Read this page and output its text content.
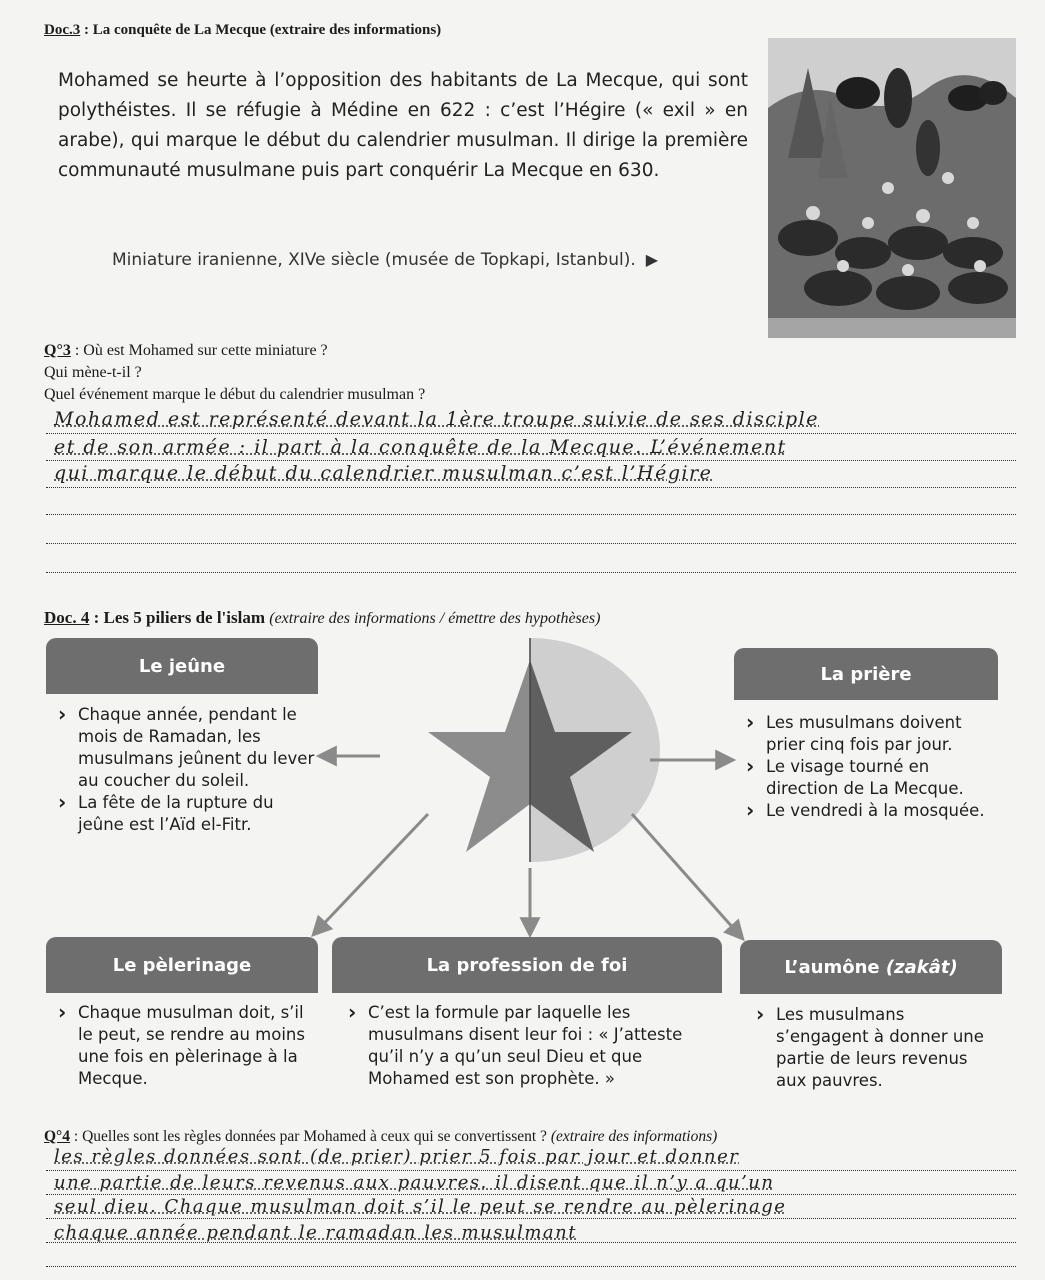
Doc.3 : La conquête de La Mecque (extraire des informations)
Mohamed se heurte à l’opposition des habitants de La Mecque, qui sont polythéistes. Il se réfugie à Médine en 622 : c’est l’Hégire (« exil » en arabe), qui marque le début du calendrier musulman. Il dirige la première communauté musulmane puis part conquérir La Mecque en 630.
Miniature iranienne, XIVe siècle (musée de Topkapi, Istanbul). ▶
Q°3 : Où est Mohamed sur cette miniature ?
Qui mène-t-il ?
Quel événement marque le début du calendrier musulman ?
Mohamed est représenté devant la 1ère troupe suivie de ses disciple
et de son armée : il part à la conquête de la Mecque. L’événement
qui marque le début du calendrier musulman c’est l’Hégire
Doc. 4 : Les 5 piliers de l'islam (extraire des informations / émettre des hypothèses)
Le jeûne
› Chaque année, pendant le mois de Ramadan, les musulmans jeûnent du lever au coucher du soleil.
› La fête de la rupture du jeûne est l’Aïd el-Fitr.
La prière
› Les musulmans doivent prier cinq fois par jour.
› Le visage tourné en direction de La Mecque.
› Le vendredi à la mosquée.
Le pèlerinage
› Chaque musulman doit, s’il le peut, se rendre au moins une fois en pèlerinage à la Mecque.
La profession de foi
› C’est la formule par laquelle les musulmans disent leur foi : « J’atteste qu’il n’y a qu’un seul Dieu et que Mohamed est son prophète. »
L’aumône
(zakât)
› Les musulmans s’engagent à donner une partie de leurs revenus aux pauvres.
Q°4 : Quelles sont les règles données par Mohamed à ceux qui se convertissent ? (extraire des informations)
les règles données sont (de prier) prier 5 fois par jour et donner
une partie de leurs revenus aux pauvres. il disent que il n’y a qu’un
seul dieu. Chaque musulman doit s’il le peut se rendre au pèlerinage
chaque année pendant le ramadan les musulmant
